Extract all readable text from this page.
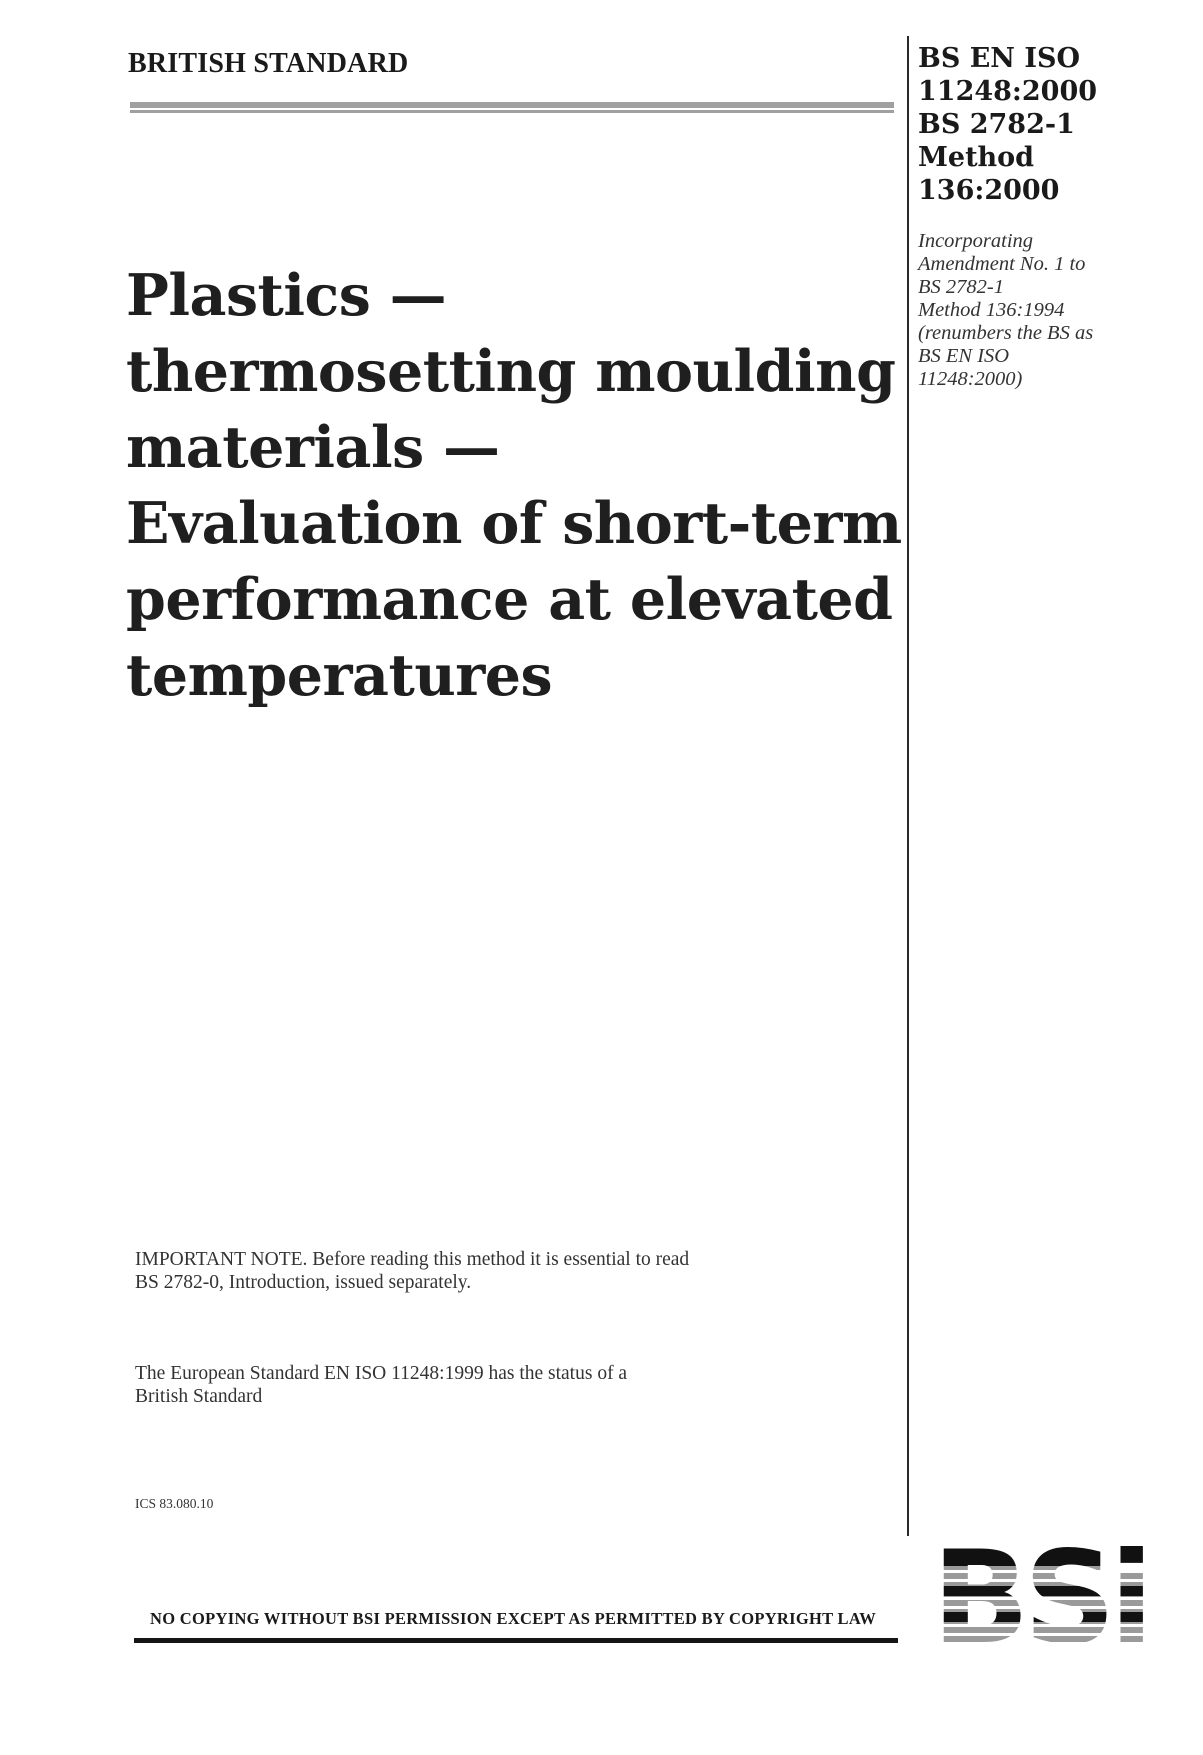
BRITISH STANDARD	BS EN ISO
11248:2000
BS 2782-1
Method
136:2000
Incorporating
Amendment No. 1 to
BS 2782-1
Method 136:1994
(renumbers the BS as
BS EN ISO
11248:2000)
Plastics —
thermosetting moulding
materials —
Evaluation of short-term
performance at elevated
temperatures
IMPORTANT NOTE. Before reading this method it is essential to read
BS 2782-0, Introduction, issued separately.
The European Standard EN ISO 11248:1999 has the status of a
British Standard
ICS 83.080.10
NO COPYING WITHOUT BSI PERMISSION EXCEPT AS PERMITTED BY COPYRIGHT LAW
